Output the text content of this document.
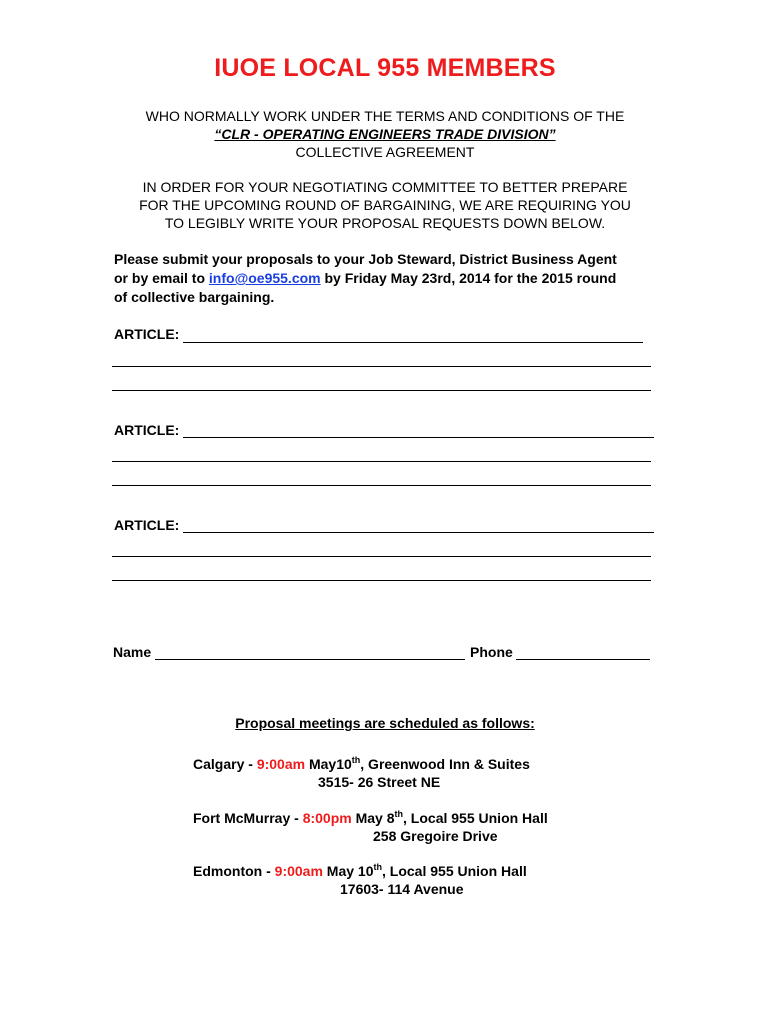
IUOE LOCAL 955 MEMBERS
WHO NORMALLY WORK UNDER THE TERMS AND CONDITIONS OF THE
“CLR - OPERATING ENGINEERS TRADE DIVISION”
COLLECTIVE AGREEMENT
IN ORDER FOR YOUR NEGOTIATING COMMITTEE TO BETTER PREPARE
FOR THE UPCOMING ROUND OF BARGAINING, WE ARE REQUIRING YOU
TO LEGIBLY WRITE YOUR PROPOSAL REQUESTS DOWN BELOW.
Please submit your proposals to your Job Steward, District Business Agent
or by email to info@oe955.com by Friday May 23rd, 2014 for the 2015 round
of collective bargaining.
ARTICLE:
ARTICLE:
ARTICLE:
Name	Phone
Proposal meetings are scheduled as follows:
Calgary - 9:00am May10th, Greenwood Inn & Suites
3515- 26 Street NE
Fort McMurray - 8:00pm May 8th, Local 955 Union Hall
258 Gregoire Drive
Edmonton - 9:00am May 10th, Local 955 Union Hall
17603- 114 Avenue
